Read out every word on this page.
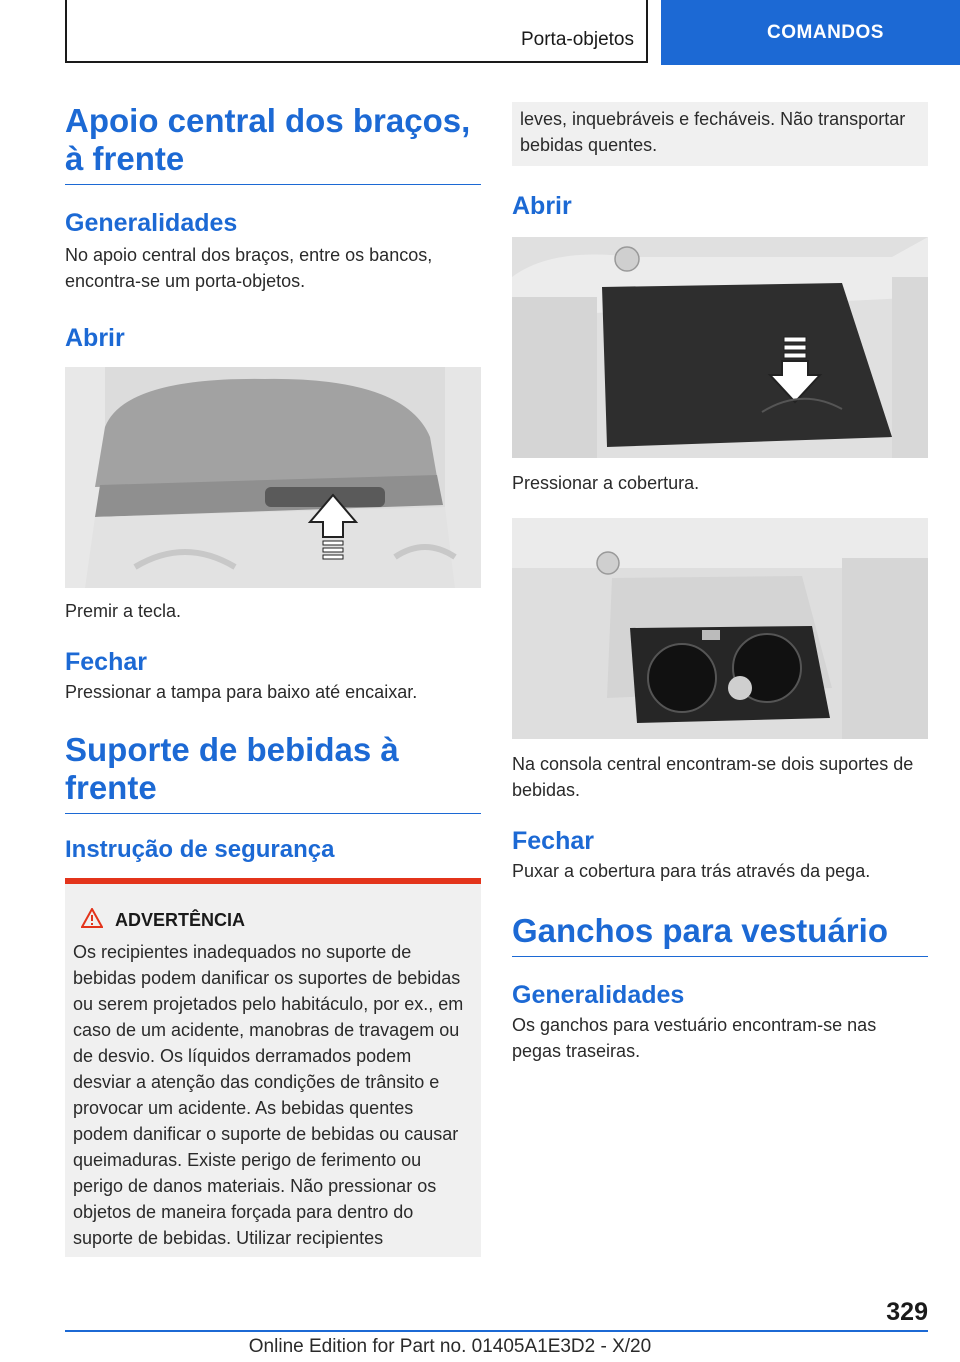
Porta-objetos	COMANDOS
Apoio central dos braços, à frente
Generalidades

No apoio central dos braços, entre os bancos, encontra-se um porta-objetos.

Abrir

Premir a tecla.

Fechar

Pressionar a tampa para baixo até encaixar.

Suporte de bebidas à frente
Instrução de segurança
ADVERTÊNCIA

Os recipientes inadequados no suporte de bebidas podem danificar os suportes de bebidas ou serem projetados pelo habitáculo, por ex., em caso de um acidente, manobras de travagem ou de desvio. Os líquidos derramados podem desviar a atenção das condições de trânsito e provocar um acidente. As bebidas quentes podem danificar o suporte de bebidas ou causar queimaduras. Existe perigo de ferimento ou perigo de danos materiais. Não pressionar os objetos de maneira forçada para dentro do suporte de bebidas. Utilizar recipientes

leves, inquebráveis e fecháveis. Não transportar bebidas quentes.

Abrir

Pressionar a cobertura.

Na consola central encontram-se dois suportes de bebidas.

Fechar

Puxar a cobertura para trás através da pega.

Ganchos para vestuário
Generalidades

Os ganchos para vestuário encontram-se nas pegas traseiras.

329
Online Edition for Part no. 01405A1E3D2 - X/20
